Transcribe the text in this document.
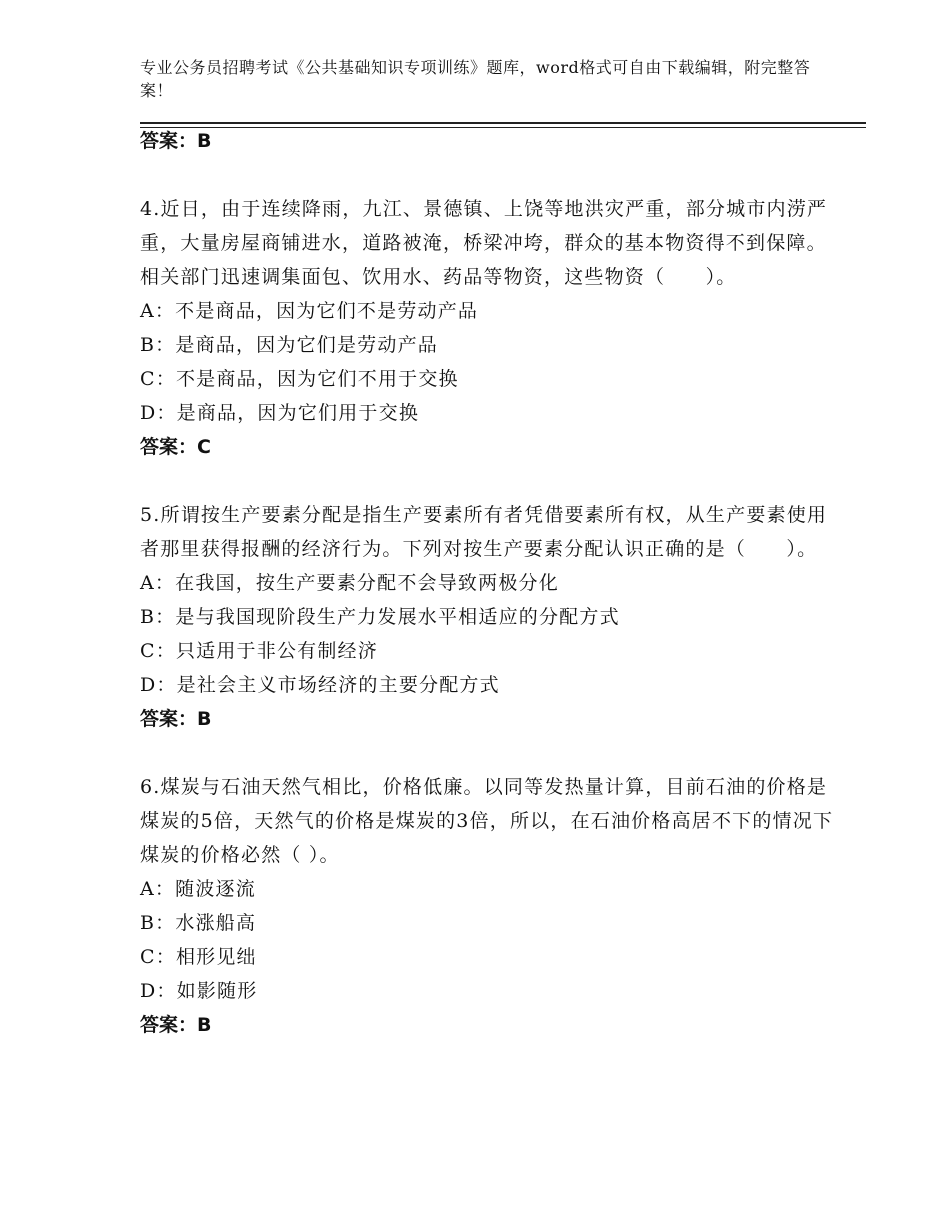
专业公务员招聘考试《公共基础知识专项训练》题库，word格式可自由下载编辑，附完整答案！
答案：B
4.近日，由于连续降雨，九江、景德镇、上饶等地洪灾严重，部分城市内涝严重，大量房屋商铺进水，道路被淹，桥梁冲垮，群众的基本物资得不到保障。相关部门迅速调集面包、饮用水、药品等物资，这些物资（　　）。
A：不是商品，因为它们不是劳动产品
B：是商品，因为它们是劳动产品
C：不是商品，因为它们不用于交换
D：是商品，因为它们用于交换
答案：C
5.所谓按生产要素分配是指生产要素所有者凭借要素所有权，从生产要素使用者那里获得报酬的经济行为。下列对按生产要素分配认识正确的是（　　）。
A：在我国，按生产要素分配不会导致两极分化
B：是与我国现阶段生产力发展水平相适应的分配方式
C：只适用于非公有制经济
D：是社会主义市场经济的主要分配方式
答案：B
6.煤炭与石油天然气相比，价格低廉。以同等发热量计算，目前石油的价格是煤炭的5倍，天然气的价格是煤炭的3倍，所以，在石油价格高居不下的情况下煤炭的价格必然（ ）。
A：随波逐流
B：水涨船高
C：相形见绌
D：如影随形
答案：B
